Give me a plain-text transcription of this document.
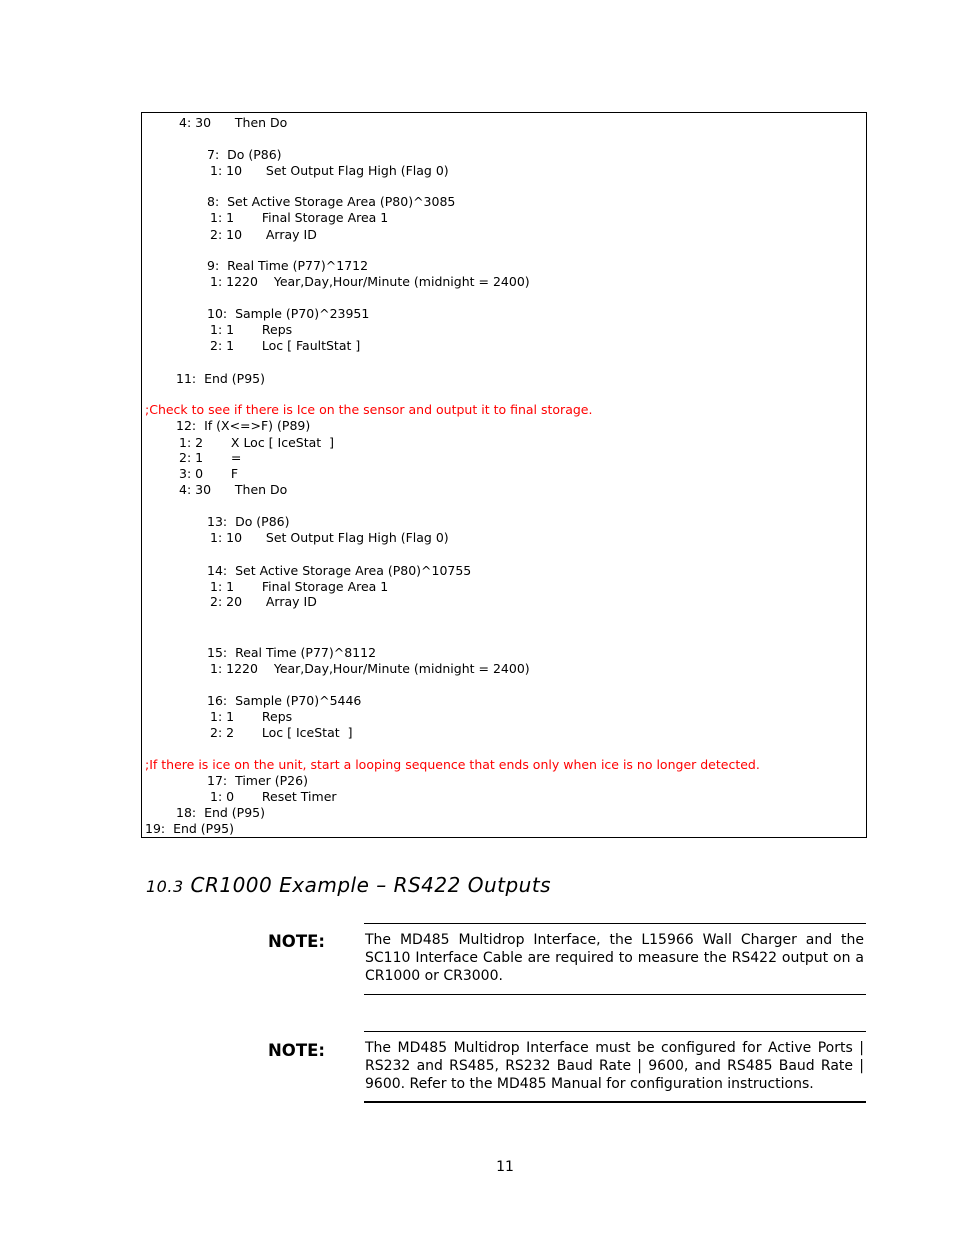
4: 30      Then Do
7:  Do (P86)
1: 10      Set Output Flag High (Flag 0)
8:  Set Active Storage Area (P80)^3085
1: 1       Final Storage Area 1
2: 10      Array ID
9:  Real Time (P77)^1712
1: 1220    Year,Day,Hour/Minute (midnight = 2400)
10:  Sample (P70)^23951
1: 1       Reps
2: 1       Loc [ FaultStat ]
11:  End (P95)
;Check to see if there is Ice on the sensor and output it to final storage.
12:  If (X<=>F) (P89)
1: 2       X Loc [ IceStat  ]
2: 1       =
3: 0       F
4: 30      Then Do
13:  Do (P86)
1: 10      Set Output Flag High (Flag 0)
14:  Set Active Storage Area (P80)^10755
1: 1       Final Storage Area 1
2: 20      Array ID
15:  Real Time (P77)^8112
1: 1220    Year,Day,Hour/Minute (midnight = 2400)
16:  Sample (P70)^5446
1: 1       Reps
2: 2       Loc [ IceStat  ]
;If there is ice on the unit, start a looping sequence that ends only when ice is no longer detected.
17:  Timer (P26)
1: 0       Reset Timer
18:  End (P95)
19:  End (P95)
10.3 CR1000 Example – RS422 Outputs
NOTE:	The MD485 Multidrop Interface, the L15966 Wall Charger and the SC110 Interface Cable are required to measure the RS422 output on a CR1000 or CR3000.
NOTE:	The MD485 Multidrop Interface must be configured for Active Ports | RS232 and RS485, RS232 Baud Rate | 9600, and RS485 Baud Rate | 9600. Refer to the MD485 Manual for configuration instructions.
11
